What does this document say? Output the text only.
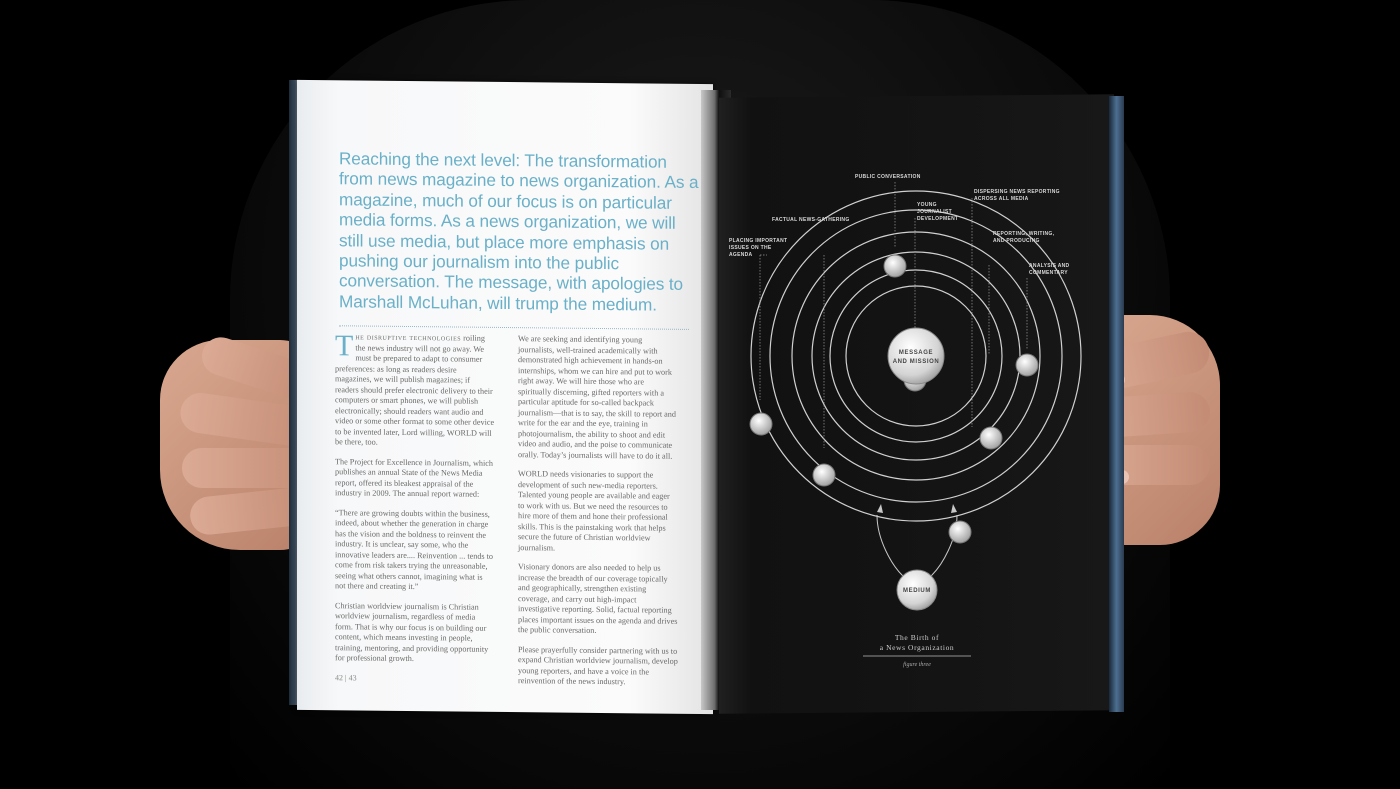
Reaching the next level: The transformation from news magazine to news organization. As a magazine, much of our focus is on particular media forms. As a news organization, we will still use media, but place more emphasis on pushing our journalism into the public conversation. The message, with apologies to Marshall McLuhan, will trump the medium.

The disruptive technologies roiling the news industry will not go away. We must be prepared to adapt to consumer preferences: as long as readers desire magazines, we will publish magazines; if readers should prefer electronic delivery to their computers or smart phones, we will publish electronically; should readers want audio and video or some other format to some other device to be invented later, Lord willing, WORLD will be there, too.

The Project for Excellence in Journalism, which publishes an annual State of the News Media report, offered its bleakest appraisal of the industry in 2009. The annual report warned:

“There are growing doubts within the business, indeed, about whether the generation in charge has the vision and the boldness to reinvent the industry. It is unclear, say some, who the innovative leaders are.... Reinvention ... tends to come from risk takers trying the unreasonable, seeing what others cannot, imagining what is not there and creating it.”

Christian worldview journalism is Christian worldview journalism, regardless of media form. That is why our focus is on building our content, which means investing in people, training, mentoring, and providing opportunity for professional growth.

We are seeking and identifying young journalists, well-trained academically with demonstrated high achievement in hands-on internships, whom we can hire and put to work right away. We will hire those who are spiritually discerning, gifted reporters with a particular aptitude for so-called backpack journalism—that is to say, the skill to report and write for the ear and the eye, training in photojournalism, the ability to shoot and edit video and audio, and the poise to communicate orally. Today’s journalists will have to do it all.

WORLD needs visionaries to support the development of such new-media reporters. Talented young people are available and eager to work with us. But we need the resources to hire more of them and hone their professional skills. This is the painstaking work that helps secure the future of Christian worldview journalism.

Visionary donors are also needed to help us increase the breadth of our coverage topically and geographically, strengthen existing coverage, and carry out high-impact investigative reporting. Solid, factual reporting places important issues on the agenda and drives the public conversation.

Please prayerfully consider partnering with us to expand Christian worldview journalism, develop young reporters, and have a voice in the reinvention of the news industry.

42 | 43
MESSAGE
AND MISSION
MEDIUM
PUBLIC CONVERSATION
YOUNG
JOURNALIST
DEVELOPMENT
DISPERSING NEWS REPORTING
ACROSS ALL MEDIA
FACTUAL NEWS-GATHERING
PLACING IMPORTANT
ISSUES ON THE
AGENDA
REPORTING, WRITING,
AND PRODUCING
ANALYSIS AND
COMMENTARY
The Birth of
a News Organization
figure three
